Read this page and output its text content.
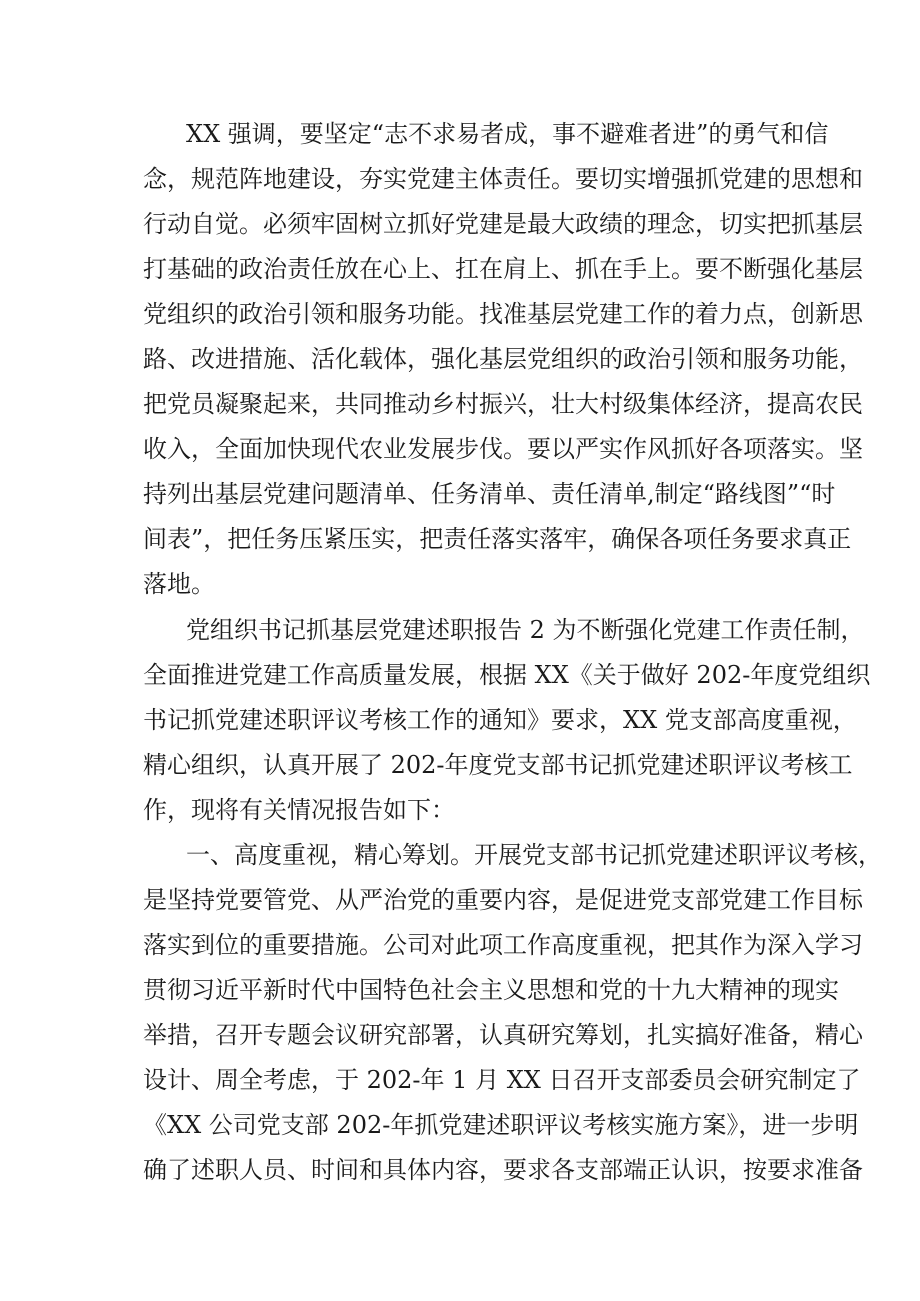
XX 强调，要坚定“志不求易者成，事不避难者进”的勇气和信
念，规范阵地建设，夯实党建主体责任。要切实增强抓党建的思想和
行动自觉。必须牢固树立抓好党建是最大政绩的理念，切实把抓基层
打基础的政治责任放在心上、扛在肩上、抓在手上。要不断强化基层
党组织的政治引领和服务功能。找准基层党建工作的着力点，创新思
路、改进措施、活化载体，强化基层党组织的政治引领和服务功能，
把党员凝聚起来，共同推动乡村振兴，壮大村级集体经济，提高农民
收入，全面加快现代农业发展步伐。要以严实作风抓好各项落实。坚
持列出基层党建问题清单、任务清单、责任清单,制定“路线图”“时
间表”，把任务压紧压实，把责任落实落牢，确保各项任务要求真正
落地。
党组织书记抓基层党建述职报告 2 为不断强化党建工作责任制，
全面推进党建工作高质量发展，根据 XX《关于做好 202-年度党组织
书记抓党建述职评议考核工作的通知》要求，XX 党支部高度重视，
精心组织，认真开展了 202-年度党支部书记抓党建述职评议考核工
作，现将有关情况报告如下：
一、高度重视，精心筹划。开展党支部书记抓党建述职评议考核，
是坚持党要管党、从严治党的重要内容，是促进党支部党建工作目标
落实到位的重要措施。公司对此项工作高度重视，把其作为深入学习
贯彻习近平新时代中国特色社会主义思想和党的十九大精神的现实
举措，召开专题会议研究部署，认真研究筹划，扎实搞好准备，精心
设计、周全考虑，于 202-年 1 月 XX 日召开支部委员会研究制定了
《XX 公司党支部 202-年抓党建述职评议考核实施方案》，进一步明
确了述职人员、时间和具体内容，要求各支部端正认识，按要求准备
